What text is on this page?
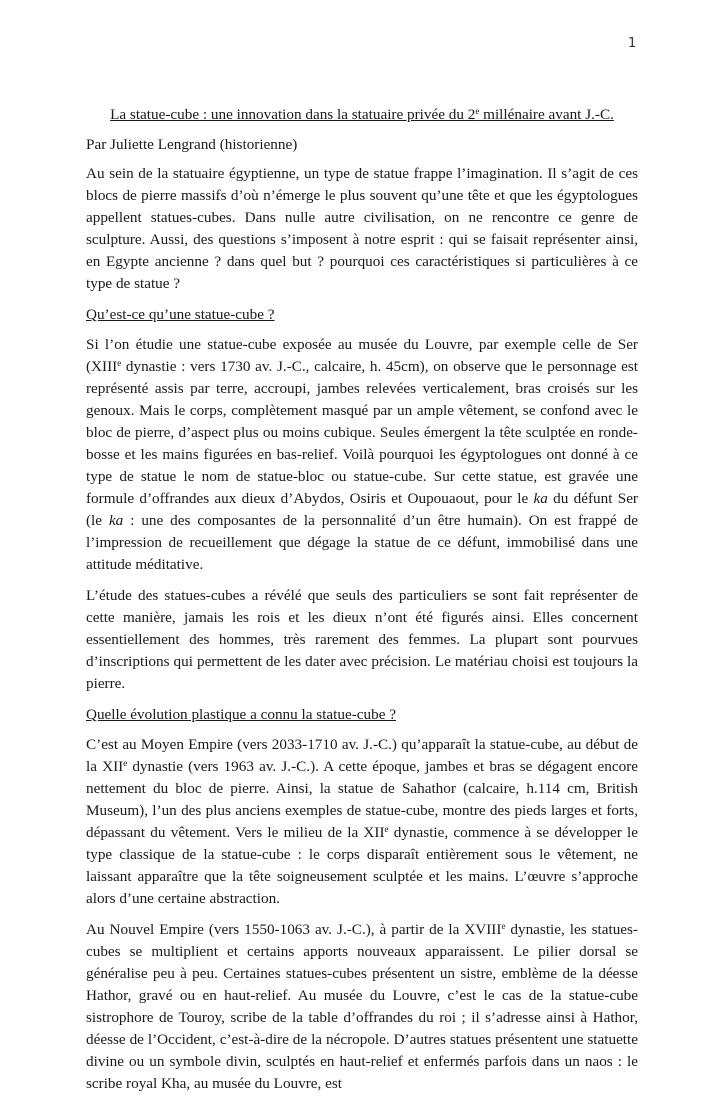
1
La statue-cube : une innovation dans la statuaire privée du 2e millénaire avant J.-C.

Par Juliette Lengrand (historienne)

Au sein de la statuaire égyptienne, un type de statue frappe l’imagination. Il s’agit de ces blocs de pierre massifs d’où n’émerge le plus souvent qu’une tête et que les égyptologues appellent statues-cubes. Dans nulle autre civilisation, on ne rencontre ce genre de sculpture. Aussi, des questions s’imposent à notre esprit : qui se faisait représenter ainsi, en Egypte ancienne ? dans quel but ? pourquoi ces caractéristiques si particulières à ce type de statue ?

Qu’est-ce qu’une statue-cube ?

Si l’on étudie une statue-cube exposée au musée du Louvre, par exemple celle de Ser (XIIIe dynastie : vers 1730 av. J.-C., calcaire, h. 45cm), on observe que le personnage est représenté assis par terre, accroupi, jambes relevées verticalement, bras croisés sur les genoux. Mais le corps, complètement masqué par un ample vêtement, se confond avec le bloc de pierre, d’aspect plus ou moins cubique. Seules émergent la tête sculptée en ronde-bosse et les mains figurées en bas-relief. Voilà pourquoi les égyptologues ont donné à ce type de statue le nom de statue-bloc ou statue-cube. Sur cette statue, est gravée une formule d’offrandes aux dieux d’Abydos, Osiris et Oupouaout, pour le ka du défunt Ser (le ka : une des composantes de la personnalité d’un être humain). On est frappé de l’impression de recueillement que dégage la statue de ce défunt, immobilisé dans une attitude méditative.

L’étude des statues-cubes a révélé que seuls des particuliers se sont fait représenter de cette manière, jamais les rois et les dieux n’ont été figurés ainsi. Elles concernent essentiellement des hommes, très rarement des femmes. La plupart sont pourvues d’inscriptions qui permettent de les dater avec précision. Le matériau choisi est toujours la pierre.

Quelle évolution plastique a connu la statue-cube ?

C’est au Moyen Empire (vers 2033-1710 av. J.-C.) qu’apparaît la statue-cube, au début de la XIIe dynastie (vers 1963 av. J.-C.). A cette époque, jambes et bras se dégagent encore nettement du bloc de pierre. Ainsi, la statue de Sahathor (calcaire, h.114 cm, British Museum), l’un des plus anciens exemples de statue-cube, montre des pieds larges et forts, dépassant du vêtement. Vers le milieu de la XIIe dynastie, commence à se développer le type classique de la statue-cube : le corps disparaît entièrement sous le vêtement, ne laissant apparaître que la tête soigneusement sculptée et les mains. L’œuvre s’approche alors d’une certaine abstraction.

Au Nouvel Empire (vers 1550-1063 av. J.-C.), à partir de la XVIIIe dynastie, les statues-cubes se multiplient et certains apports nouveaux apparaissent. Le pilier dorsal se généralise peu à peu. Certaines statues-cubes présentent un sistre, emblème de la déesse Hathor, gravé ou en haut-relief. Au musée du Louvre, c’est le cas de la statue-cube sistrophore de Touroy, scribe de la table d’offrandes du roi ; il s’adresse ainsi à Hathor, déesse de l’Occident, c’est-à-dire de la nécropole. D’autres statues présentent une statuette divine ou un symbole divin, sculptés en haut-relief et enfermés parfois dans un naos : le scribe royal Kha, au musée du Louvre, est
